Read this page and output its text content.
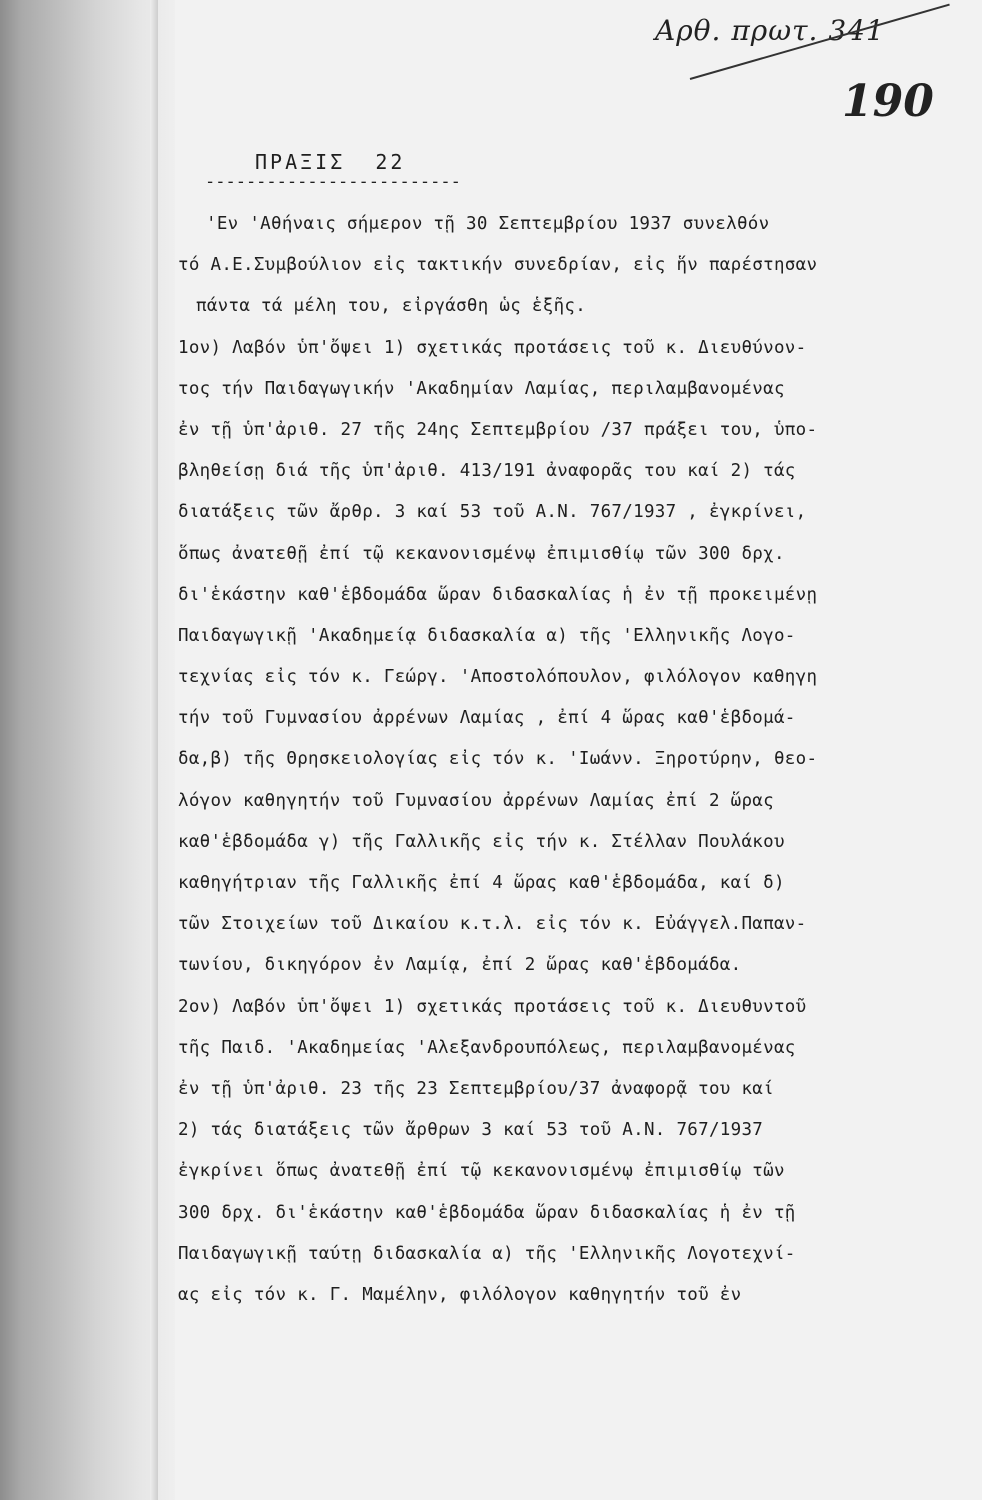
Αρθ. πρωτ. 341
190
ΠΡΑΞΙΣ  22
-------------------------
'Εν 'Αθήναις σήμερον τῇ 30 Σεπτεμβρίου 1937 συνελθόν
τό Α.Ε.Συμβούλιον εἰς τακτικήν συνεδρίαν, εἰς ἥν παρέστησαν
πάντα τά μέλη του, εἰργάσθη ὡς ἑξῆς.
1ον) Λαβόν ὑπ'ὄψει 1) σχετικάς προτάσεις τοῦ κ. Διευθύνον-
τος τήν Παιδαγωγικήν 'Ακαδημίαν Λαμίας, περιλαμβανομένας
ἐν τῇ ὑπ'ἀριθ. 27 τῆς 24ης Σεπτεμβρίου /37 πράξει του, ὑπο-
βληθείσῃ διά τῆς ὑπ'ἀριθ. 413/191 ἀναφορᾶς του καί 2) τάς
διατάξεις τῶν ἄρθρ. 3 καί 53 τοῦ Α.Ν. 767/1937 , ἐγκρίνει,
ὅπως ἀνατεθῇ ἐπί τῷ κεκανονισμένῳ ἐπιμισθίῳ τῶν 300 δρχ.
δι'ἑκάστην καθ'ἑβδομάδα ὥραν διδασκαλίας ἡ ἐν τῇ προκειμένῃ
Παιδαγωγικῇ 'Ακαδημείᾳ διδασκαλία α) τῆς 'Ελληνικῆς Λογο-
τεχνίας εἰς τόν κ. Γεώργ. 'Αποστολόπουλον, φιλόλογον καθηγη
τήν τοῦ Γυμνασίου ἀρρένων Λαμίας , ἐπί 4 ὥρας καθ'ἑβδομά-
δα,β) τῆς Θρησκειολογίας εἰς τόν κ. 'Ιωάνν. Ξηροτύρην, θεο-
λόγον καθηγητήν τοῦ Γυμνασίου ἀρρένων Λαμίας ἐπί 2 ὥρας
καθ'ἑβδομάδα γ) τῆς Γαλλικῆς εἰς τήν κ. Στέλλαν Πουλάκου
καθηγήτριαν τῆς Γαλλικῆς ἐπί 4 ὥρας καθ'ἑβδομάδα, καί δ)
τῶν Στοιχείων τοῦ Δικαίου κ.τ.λ. εἰς τόν κ. Εὐάγγελ.Παπαν-
τωνίου, δικηγόρον ἐν Λαμίᾳ, ἐπί 2 ὥρας καθ'ἑβδομάδα.
2ον) Λαβόν ὑπ'ὄψει 1) σχετικάς προτάσεις τοῦ κ. Διευθυντοῦ
τῆς Παιδ. 'Ακαδημείας 'Αλεξανδρουπόλεως, περιλαμβανομένας
ἐν τῇ ὑπ'ἀριθ. 23 τῆς 23 Σεπτεμβρίου/37 ἀναφορᾷ του καί
2) τάς διατάξεις τῶν ἄρθρων 3 καί 53 τοῦ Α.Ν. 767/1937
ἐγκρίνει ὅπως ἀνατεθῇ ἐπί τῷ κεκανονισμένῳ ἐπιμισθίῳ τῶν
300 δρχ. δι'ἑκάστην καθ'ἑβδομάδα ὥραν διδασκαλίας ἡ ἐν τῇ
Παιδαγωγικῇ ταύτῃ διδασκαλία α) τῆς 'Ελληνικῆς Λογοτεχνί-
ας εἰς τόν κ. Γ. Μαμέλην, φιλόλογον καθηγητήν τοῦ ἐν
